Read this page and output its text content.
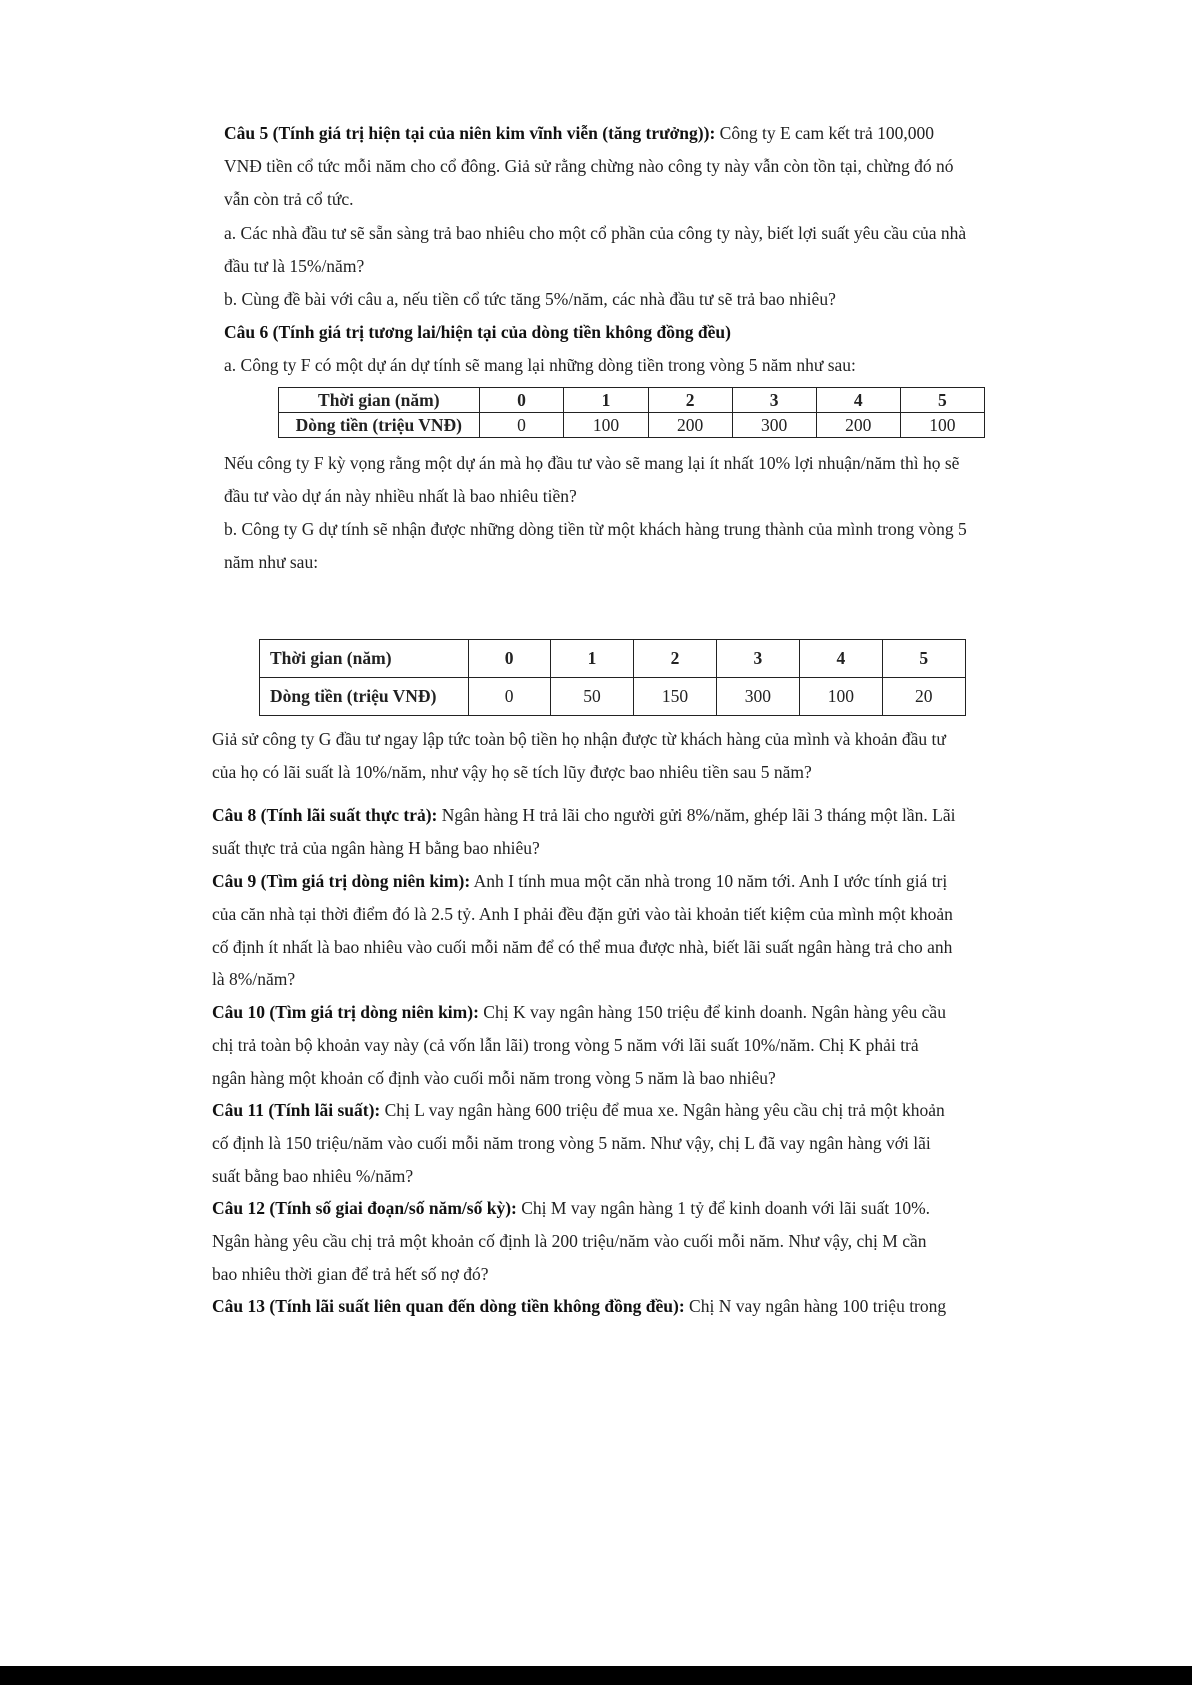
Câu 5 (Tính giá trị hiện tại của niên kim vĩnh viễn (tăng trưởng)): Công ty E cam kết trả 100,000
VNĐ tiền cổ tức mỗi năm cho cổ đông. Giả sử rằng chừng nào công ty này vẫn còn tồn tại, chừng đó nó
vẫn còn trả cổ tức.
a. Các nhà đầu tư sẽ sẵn sàng trả bao nhiêu cho một cổ phần của công ty này, biết lợi suất yêu cầu của nhà
đầu tư là 15%/năm?
b. Cùng đề bài với câu a, nếu tiền cổ tức tăng 5%/năm, các nhà đầu tư sẽ trả bao nhiêu?
Câu 6 (Tính giá trị tương lai/hiện tại của dòng tiền không đồng đều)
a. Công ty F có một dự án dự tính sẽ mang lại những dòng tiền trong vòng 5 năm như sau:
Thời gian (năm)	0	1	2	3	4	5
Dòng tiền (triệu VNĐ)	0	100	200	300	200	100
Nếu công ty F kỳ vọng rằng một dự án mà họ đầu tư vào sẽ mang lại ít nhất 10% lợi nhuận/năm thì họ sẽ
đầu tư vào dự án này nhiều nhất là bao nhiêu tiền?
b. Công ty G dự tính sẽ nhận được những dòng tiền từ một khách hàng trung thành của mình trong vòng 5
năm như sau:
Thời gian (năm)	0	1	2	3	4	5
Dòng tiền (triệu VNĐ)	0	50	150	300	100	20
Giả sử công ty G đầu tư ngay lập tức toàn bộ tiền họ nhận được từ khách hàng của mình và khoản đầu tư
của họ có lãi suất là 10%/năm, như vậy họ sẽ tích lũy được bao nhiêu tiền sau 5 năm?
Câu 8 (Tính lãi suất thực trả): Ngân hàng H trả lãi cho người gửi 8%/năm, ghép lãi 3 tháng một lần. Lãi
suất thực trả của ngân hàng H bằng bao nhiêu?
Câu 9 (Tìm giá trị dòng niên kim): Anh I tính mua một căn nhà trong 10 năm tới. Anh I ước tính giá trị
của căn nhà tại thời điểm đó là 2.5 tỷ. Anh I phải đều đặn gửi vào tài khoản tiết kiệm của mình một khoản
cố định ít nhất là bao nhiêu vào cuối mỗi năm để có thể mua được nhà, biết lãi suất ngân hàng trả cho anh
là 8%/năm?
Câu 10 (Tìm giá trị dòng niên kim): Chị K vay ngân hàng 150 triệu để kinh doanh. Ngân hàng yêu cầu
chị trả toàn bộ khoản vay này (cả vốn lẫn lãi) trong vòng 5 năm với lãi suất 10%/năm. Chị K phải trả
ngân hàng một khoản cố định vào cuối mỗi năm trong vòng 5 năm là bao nhiêu?
Câu 11 (Tính lãi suất): Chị L vay ngân hàng 600 triệu để mua xe. Ngân hàng yêu cầu chị trả một khoản
cố định là 150 triệu/năm vào cuối mỗi năm trong vòng 5 năm. Như vậy, chị L đã vay ngân hàng với lãi
suất bằng bao nhiêu %/năm?
Câu 12 (Tính số giai đoạn/số năm/số kỳ): Chị M vay ngân hàng 1 tỷ để kinh doanh với lãi suất 10%.
Ngân hàng yêu cầu chị trả một khoản cố định là 200 triệu/năm vào cuối mỗi năm. Như vậy, chị M cần
bao nhiêu thời gian để trả hết số nợ đó?
Câu 13 (Tính lãi suất liên quan đến dòng tiền không đồng đều): Chị N vay ngân hàng 100 triệu trong
